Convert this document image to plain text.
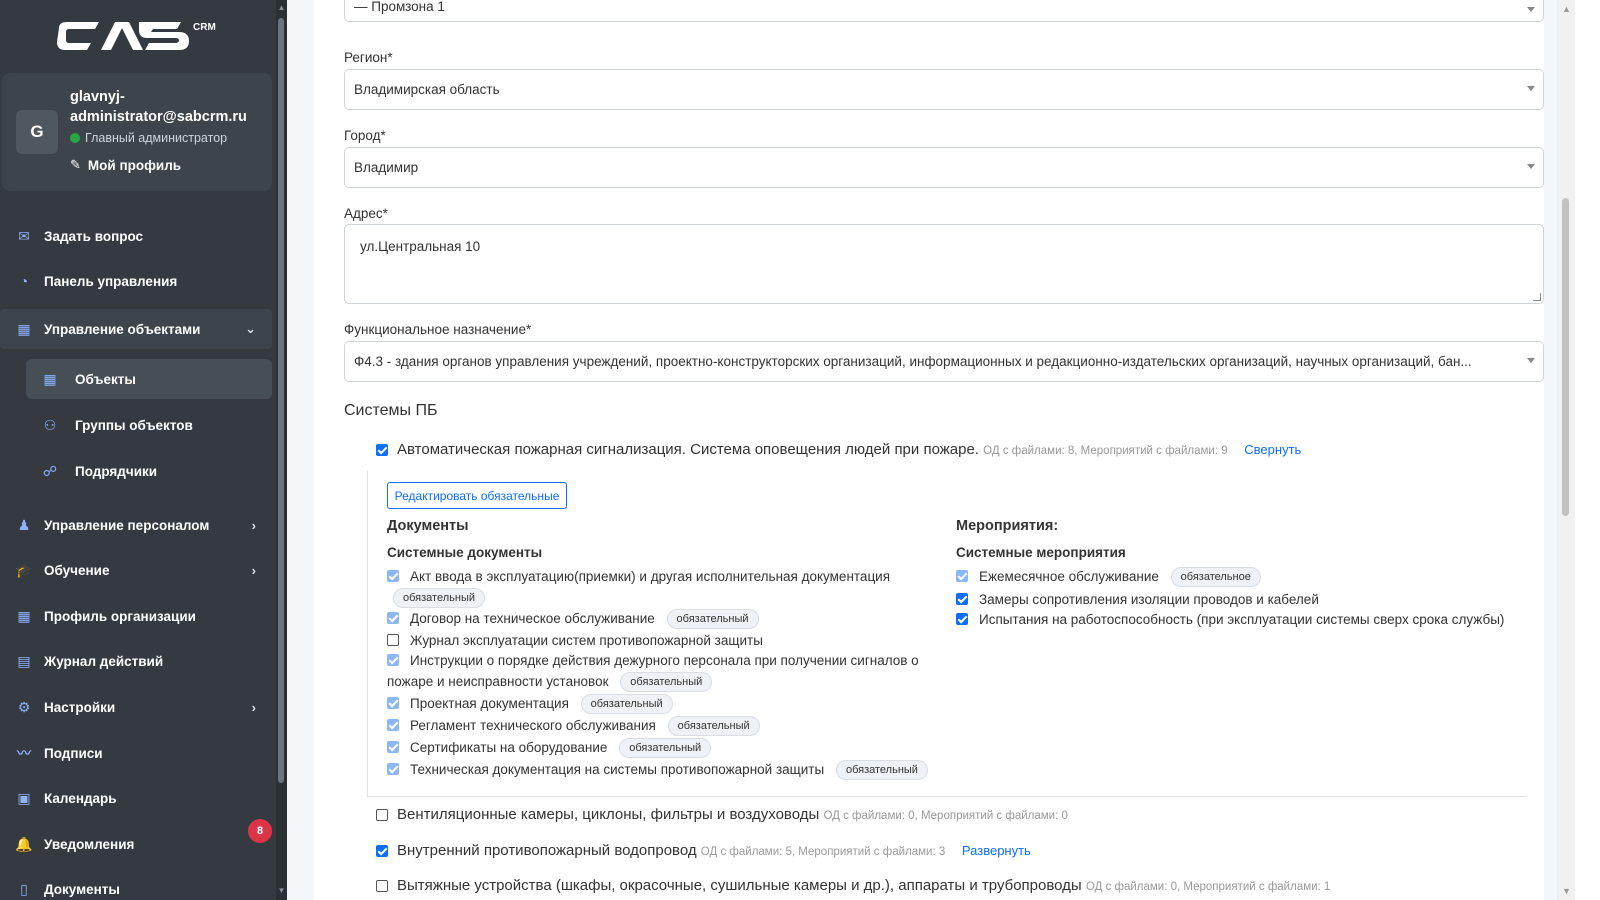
CRM
G
glavnyj-administrator@sabcrm.ru
Главный администратор
✎ Мой профиль
✉	Задать вопрос
◔	Панель управления
▦ Управление объектами	⌄
▦ Объекты
⚇ Группы объектов
☍ Подрядчики
♟ Управление персоналом	›
🎓 Обучение	›
▦ Профиль организации
▤ Журнал действий
⚙ Настройки	›
〰 Подписи
▣ Календарь
🔔 Уведомления
8
▯	Документы
▲
▼
— Промзона 1
Регион*
Владимирская область
Город*
Владимир
Адрес*
ул.Центральная 10
Функциональное назначение*
Ф4.3 - здания органов управления учреждений, проектно-конструкторских организаций, информационных и редакционно-издательских организаций, научных организаций, бан...
Системы ПБ
Автоматическая пожарная сигнализация. Система оповещения людей при пожаре. ОД с файлами: 8, Мероприятий с файлами: 9 Свернуть
Редактировать обязательные
Документы
Системные документы
Акт ввода в эксплуатацию(приемки) и другая исполнительная документация
обязательный
Договор на техническое обслуживание обязательный
Журнал эксплуатации систем противопожарной защиты
Инструкции о порядке действия дежурного персонала при получении сигналов о
пожаре и неисправности установок обязательный
Проектная документация обязательный
Регламент технического обслуживания обязательный
Сертификаты на оборудование обязательный
Техническая документация на системы противопожарной защиты обязательный
Мероприятия:
Системные мероприятия
Ежемесячное обслуживание обязательное
Замеры сопротивления изоляции проводов и кабелей
Испытания на работоспособность (при эксплуатации системы сверх срока службы)
Вентиляционные камеры, циклоны, фильтры и воздуховоды ОД с файлами: 0, Мероприятий с файлами: 0
Внутренний противопожарный водопровод ОД с файлами: 5, Мероприятий с файлами: 3 Развернуть
Вытяжные устройства (шкафы, окрасочные, сушильные камеры и др.), аппараты и трубопроводы ОД с файлами: 0, Мероприятий с файлами: 1
▲
▼
